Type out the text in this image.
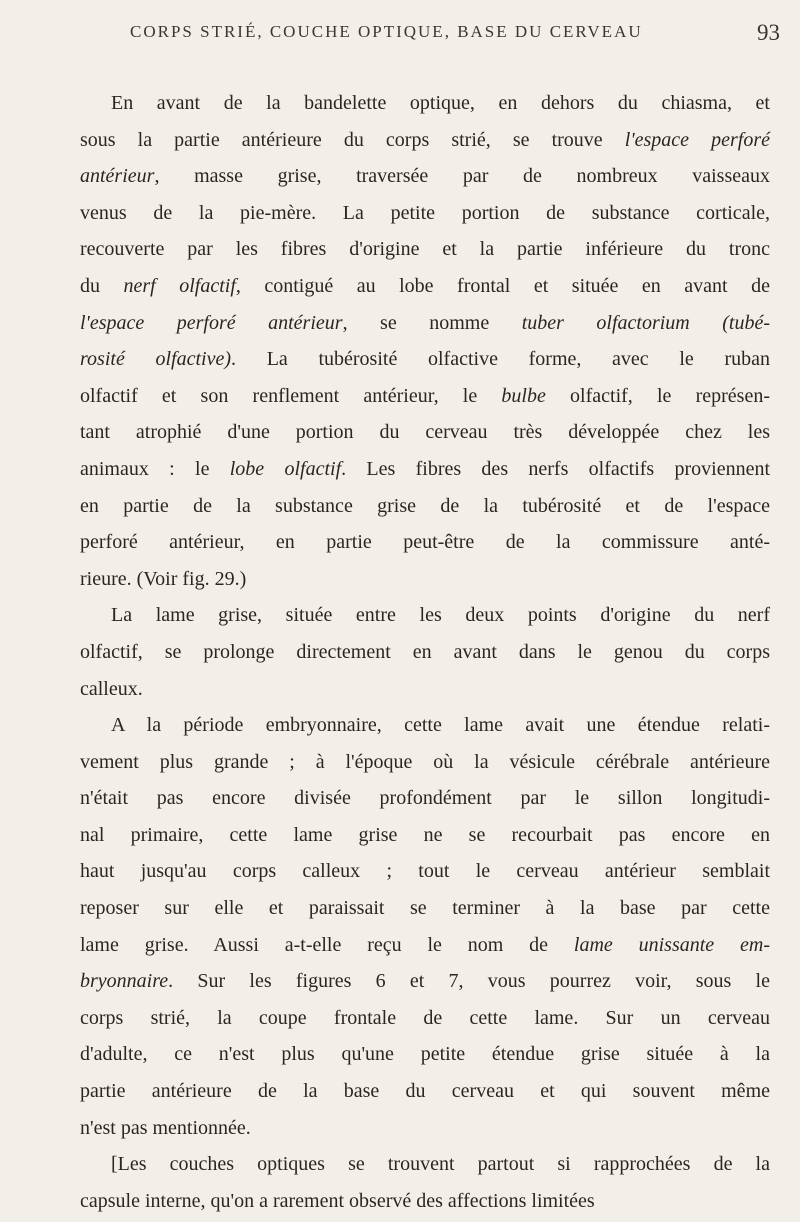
CORPS STRIÉ, COUCHE OPTIQUE, BASE DU CERVEAU	93
En avant de la bandelette optique, en dehors du chiasma, et
sous la partie antérieure du corps strié, se trouve l'espace perforé
antérieur, masse grise, traversée par de nombreux vaisseaux
venus de la pie-mère. La petite portion de substance corticale,
recouverte par les fibres d'origine et la partie inférieure du tronc
du nerf olfactif, contigué au lobe frontal et située en avant de
l'espace perforé antérieur, se nomme tuber olfactorium (tubé-
rosité olfactive). La tubérosité olfactive forme, avec le ruban
olfactif et son renflement antérieur, le bulbe olfactif, le représen-
tant atrophié d'une portion du cerveau très développée chez les
animaux : le lobe olfactif. Les fibres des nerfs olfactifs proviennent
en partie de la substance grise de la tubérosité et de l'espace
perforé antérieur, en partie peut-être de la commissure anté-
rieure. (Voir fig. 29.)
La lame grise, située entre les deux points d'origine du nerf
olfactif, se prolonge directement en avant dans le genou du corps
calleux.
A la période embryonnaire, cette lame avait une étendue relati-
vement plus grande ; à l'époque où la vésicule cérébrale antérieure
n'était pas encore divisée profondément par le sillon longitudi-
nal primaire, cette lame grise ne se recourbait pas encore en
haut jusqu'au corps calleux ; tout le cerveau antérieur semblait
reposer sur elle et paraissait se terminer à la base par cette
lame grise. Aussi a-t-elle reçu le nom de lame unissante em-
bryonnaire. Sur les figures 6 et 7, vous pourrez voir, sous le
corps strié, la coupe frontale de cette lame. Sur un cerveau
d'adulte, ce n'est plus qu'une petite étendue grise située à la
partie antérieure de la base du cerveau et qui souvent même
n'est pas mentionnée.
[Les couches optiques se trouvent partout si rapprochées de la
capsule interne, qu'on a rarement observé des affections limitées
